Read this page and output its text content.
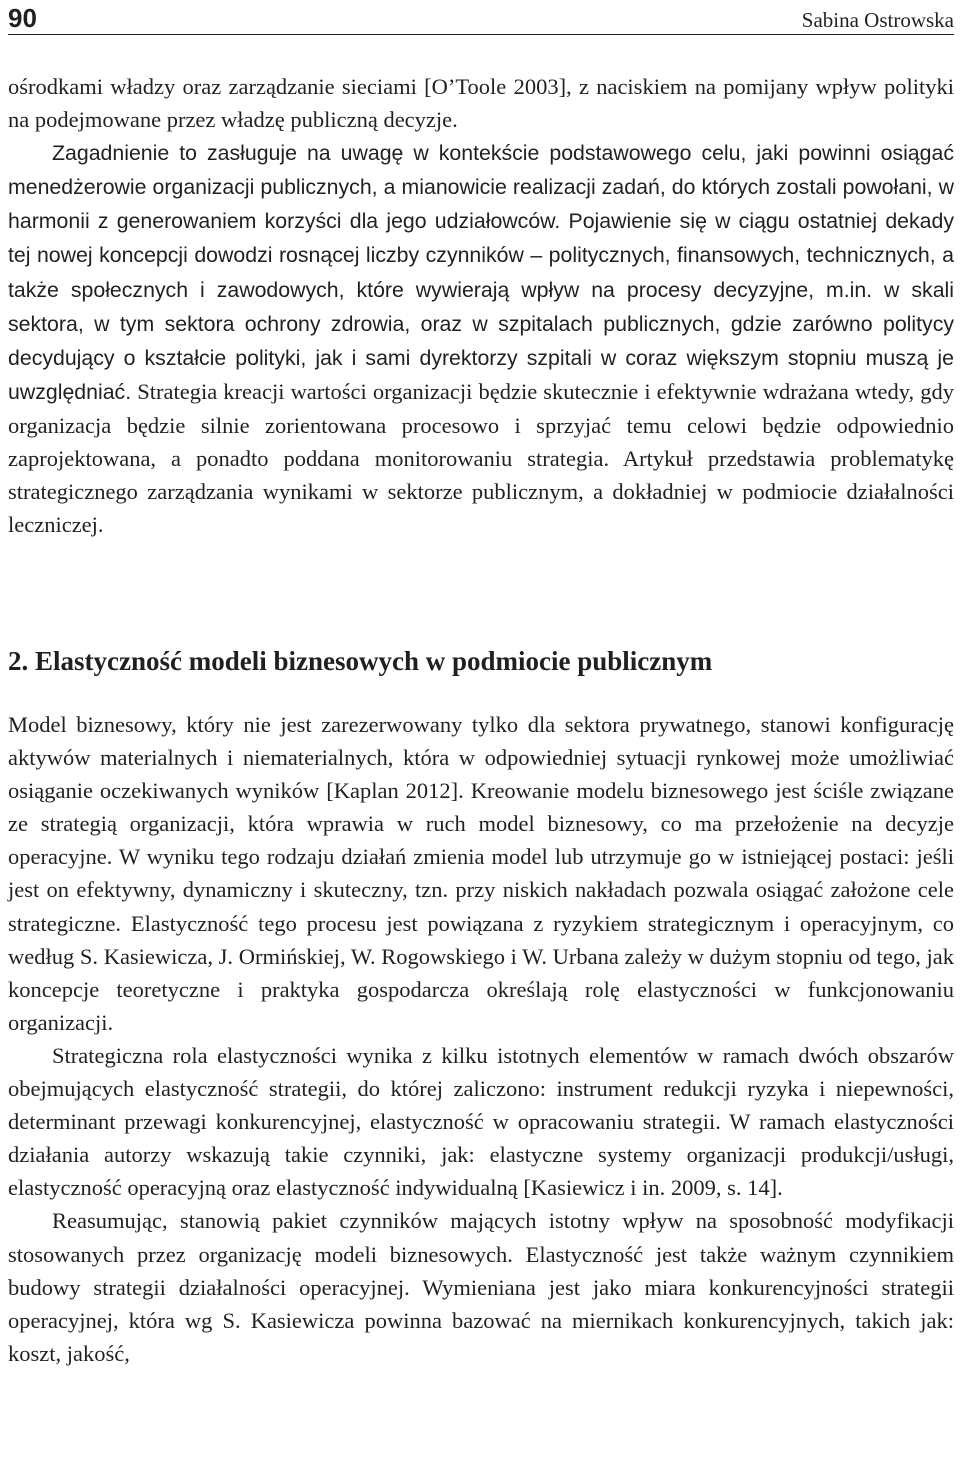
90	Sabina Ostrowska

ośrodkami władzy oraz zarządzanie sieciami [O’Toole 2003], z naciskiem na pomijany wpływ polityki na podejmowane przez władzę publiczną decyzje.

Zagadnienie to zasługuje na uwagę w kontekście podstawowego celu, jaki powinni osiągać menedżerowie organizacji publicznych, a mianowicie realizacji zadań, do których zostali powołani, w harmonii z generowaniem korzyści dla jego udziałowców. Pojawienie się w ciągu ostatniej dekady tej nowej koncepcji dowodzi rosnącej liczby czynników – politycznych, finansowych, technicznych, a także społecznych i zawodowych, które wywierają wpływ na procesy decyzyjne, m.in. w skali sektora, w tym sektora ochrony zdrowia, oraz w szpitalach publicznych, gdzie zarówno politycy decydujący o kształcie polityki, jak i sami dyrektorzy szpitali w coraz większym stopniu muszą je uwzględniać. Strategia kreacji wartości organizacji będzie skutecznie i efektywnie wdrażana wtedy, gdy organizacja będzie silnie zorientowana procesowo i sprzyjać temu celowi będzie odpowiednio zaprojektowana, a ponadto poddana monitorowaniu strategia. Artykuł przedstawia problematykę strategicznego zarządzania wynikami w sektorze publicznym, a dokładniej w podmiocie działalności leczniczej.

2. Elastyczność modeli biznesowych w podmiocie publicznym

Model biznesowy, który nie jest zarezerwowany tylko dla sektora prywatnego, stanowi konfigurację aktywów materialnych i niematerialnych, która w odpowiedniej sytuacji rynkowej może umożliwiać osiąganie oczekiwanych wyników [Kaplan 2012]. Kreowanie modelu biznesowego jest ściśle związane ze strategią organizacji, która wprawia w ruch model biznesowy, co ma przełożenie na decyzje operacyjne. W wyniku tego rodzaju działań zmienia model lub utrzymuje go w istniejącej postaci: jeśli jest on efektywny, dynamiczny i skuteczny, tzn. przy niskich nakładach pozwala osiągać założone cele strategiczne. Elastyczność tego procesu jest powiązana z ryzykiem strategicznym i operacyjnym, co według S. Kasiewicza, J. Ormińskiej, W. Rogowskiego i W. Urbana zależy w dużym stopniu od tego, jak koncepcje teoretyczne i praktyka gospodarcza określają rolę elastyczności w funkcjonowaniu organizacji.

Strategiczna rola elastyczności wynika z kilku istotnych elementów w ramach dwóch obszarów obejmujących elastyczność strategii, do której zaliczono: instrument redukcji ryzyka i niepewności, determinant przewagi konkurencyjnej, elastyczność w opracowaniu strategii. W ramach elastyczności działania autorzy wskazują takie czynniki, jak: elastyczne systemy organizacji produkcji/usługi, elastyczność operacyjną oraz elastyczność indywidualną [Kasiewicz i in. 2009, s. 14].

Reasumując, stanowią pakiet czynników mających istotny wpływ na sposobność modyfikacji stosowanych przez organizację modeli biznesowych. Elastyczność jest także ważnym czynnikiem budowy strategii działalności operacyjnej. Wymieniana jest jako miara konkurencyjności strategii operacyjnej, która wg S. Kasiewicza powinna bazować na miernikach konkurencyjnych, takich jak: koszt, jakość,
